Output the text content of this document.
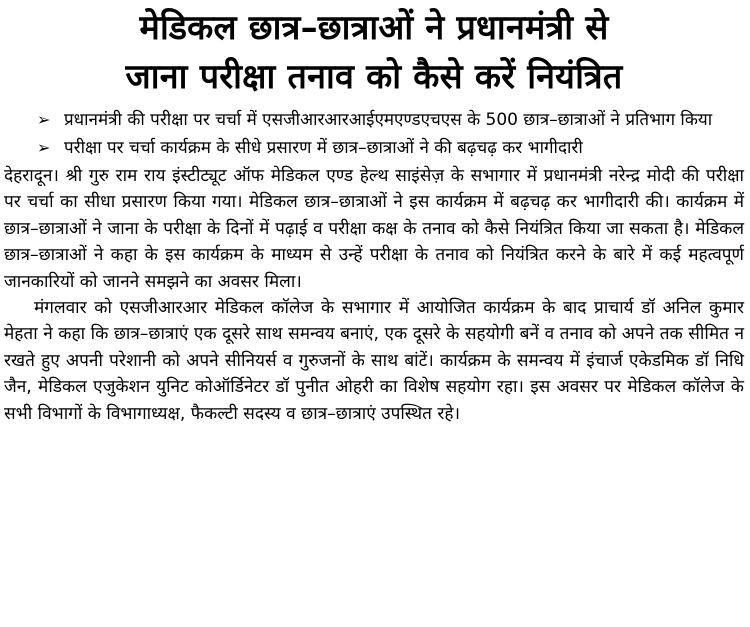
मेडिकल छात्र–छात्राओं ने प्रधानमंत्री से
जाना परीक्षा तनाव को कैसे करें नियंत्रित
➢ प्रधानमंत्री की परीक्षा पर चर्चा में एसजीआरआरआईएमएण्डएचएस के 500 छात्र–छात्राओं ने प्रतिभाग किया
➢ परीक्षा पर चर्चा कार्यक्रम के सीधे प्रसारण में छात्र–छात्राओं ने की बढ़चढ़ कर भागीदारी

देहरादून। श्री गुरु राम राय इंस्टीट्यूट ऑफ मेडिकल एण्ड हेल्थ साइंसेज़ के सभागार में प्रधानमंत्री नरेन्द्र मोदी की परीक्षा पर चर्चा का सीधा प्रसारण किया गया। मेडिकल छात्र–छात्राओं ने इस कार्यक्रम में बढ़चढ़ कर भागीदारी की। कार्यक्रम में छात्र–छात्राओं ने जाना के परीक्षा के दिनों में पढ़ाई व परीक्षा कक्ष के तनाव को कैसे नियंत्रित किया जा सकता है। मेडिकल छात्र–छात्राओं ने कहा के इस कार्यक्रम के माध्यम से उन्हें परीक्षा के तनाव को नियंत्रित करने के बारे में कई महत्वपूर्ण जानकारियों को जानने समझने का अवसर मिला।

मंगलवार को एसजीआरआर मेडिकल कॉलेज के सभागार में आयोजित कार्यक्रम के बाद प्राचार्य डॉ अनिल कुमार मेहता ने कहा कि छात्र–छात्राएं एक दूसरे साथ समन्वय बनाएं, एक दूसरे के सहयोगी बनें व तनाव को अपने तक सीमित न रखते हुए अपनी परेशानी को अपने सीनियर्स व गुरुजनों के साथ बांटें। कार्यक्रम के समन्वय में इंचार्ज एकेडमिक डॉ निधि जैन, मेडिकल एजुकेशन युनिट कोऑर्डिनेटर डॉ पुनीत ओहरी का विशेष सहयोग रहा। इस अवसर पर मेडिकल कॉलेज के सभी विभागों के विभागाध्यक्ष, फैकल्टी सदस्य व छात्र–छात्राएं उपस्थित रहे।
